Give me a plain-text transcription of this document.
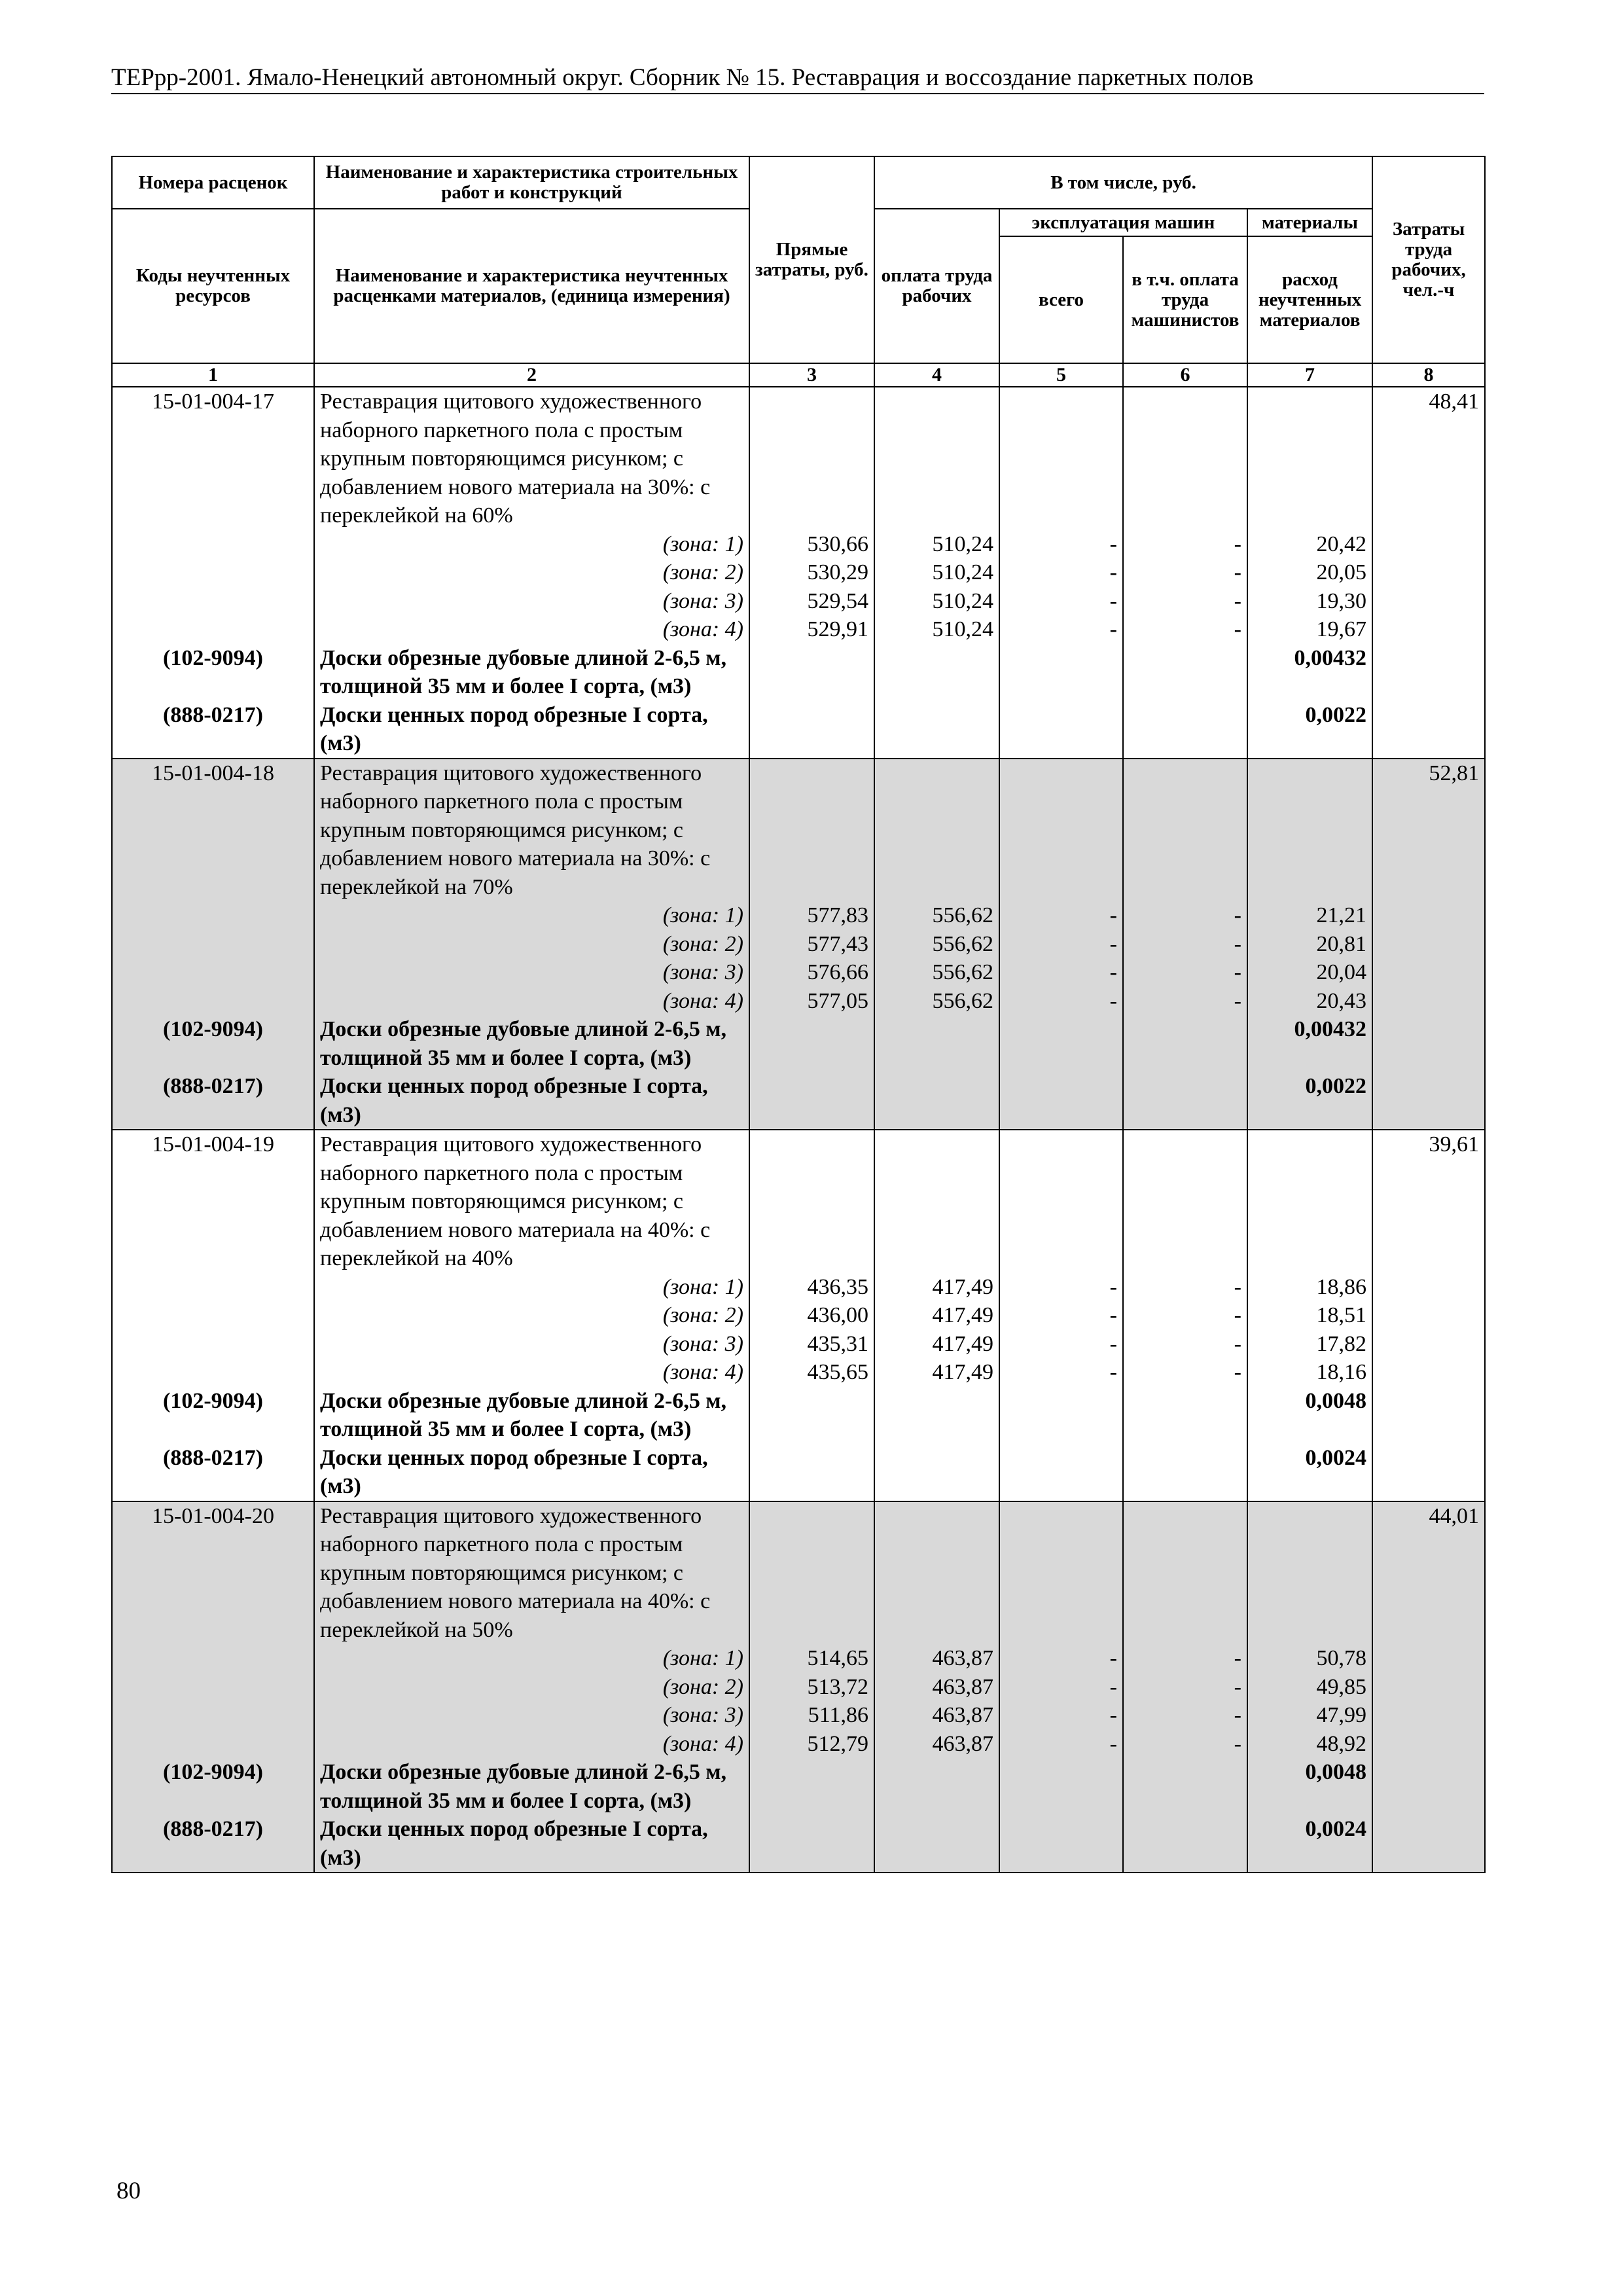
ТЕРрр-2001. Ямало-Ненецкий автономный округ. Сборник № 15. Реставрация и воссоздание паркетных полов
Номера расценок	Наименование и характеристика строительных работ и конструкций	Прямые затраты, руб.	В том числе, руб.				Затраты труда рабочих, чел.-ч
Коды неучтенных ресурсов	Наименование и характеристика неучтенных расценками материалов, (единица измерения)		оплата труда рабочих	эксплуатация машин		материалы	
				всего	в т.ч. оплата труда машинистов	расход неучтенных материалов	
1	2	3	4	5	6	7	8
15-01-004-17	Реставрация щитового художественного наборного паркетного пола с простым крупным повторяющимся рисунком; с добавлением нового материала на 30%: с переклейкой на 60%						48,41
	(зона: 1)	530,66	510,24	-	-	20,42	
	(зона: 2)	530,29	510,24	-	-	20,05	
	(зона: 3)	529,54	510,24	-	-	19,30	
	(зона: 4)	529,91	510,24	-	-	19,67	
(102-9094)	Доски обрезные дубовые длиной 2-6,5 м, толщиной 35 мм и более I сорта, (м3)					0,00432	
(888-0217)	Доски ценных пород обрезные I сорта, (м3)					0,0022	
15-01-004-18	Реставрация щитового художественного наборного паркетного пола с простым крупным повторяющимся рисунком; с добавлением нового материала на 30%: с переклейкой на 70%						52,81
	(зона: 1)	577,83	556,62	-	-	21,21	
	(зона: 2)	577,43	556,62	-	-	20,81	
	(зона: 3)	576,66	556,62	-	-	20,04	
	(зона: 4)	577,05	556,62	-	-	20,43	
(102-9094)	Доски обрезные дубовые длиной 2-6,5 м, толщиной 35 мм и более I сорта, (м3)					0,00432	
(888-0217)	Доски ценных пород обрезные I сорта, (м3)					0,0022	
15-01-004-19	Реставрация щитового художественного наборного паркетного пола с простым крупным повторяющимся рисунком; с добавлением нового материала на 40%: с переклейкой на 40%						39,61
	(зона: 1)	436,35	417,49	-	-	18,86	
	(зона: 2)	436,00	417,49	-	-	18,51	
	(зона: 3)	435,31	417,49	-	-	17,82	
	(зона: 4)	435,65	417,49	-	-	18,16	
(102-9094)	Доски обрезные дубовые длиной 2-6,5 м, толщиной 35 мм и более I сорта, (м3)					0,0048	
(888-0217)	Доски ценных пород обрезные I сорта, (м3)					0,0024	
15-01-004-20	Реставрация щитового художественного наборного паркетного пола с простым крупным повторяющимся рисунком; с добавлением нового материала на 40%: с переклейкой на 50%						44,01
	(зона: 1)	514,65	463,87	-	-	50,78	
	(зона: 2)	513,72	463,87	-	-	49,85	
	(зона: 3)	511,86	463,87	-	-	47,99	
	(зона: 4)	512,79	463,87	-	-	48,92	
(102-9094)	Доски обрезные дубовые длиной 2-6,5 м, толщиной 35 мм и более I сорта, (м3)					0,0048	
(888-0217)	Доски ценных пород обрезные I сорта, (м3)					0,0024	
80
